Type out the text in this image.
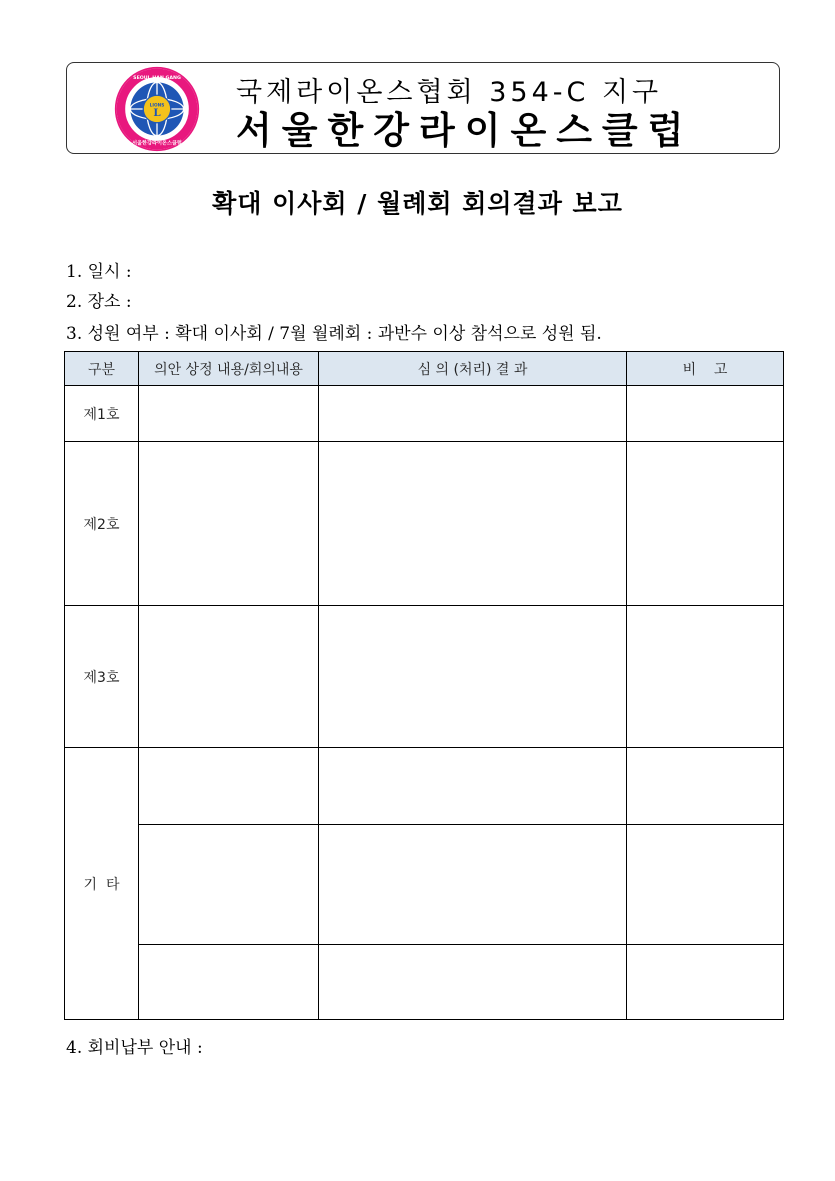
LIONS
L
SEOUL HAN GANG
서울한강라이온스클럽
국제라이온스협회 354-C 지구
서울한강라이온스클럽
확대 이사회 / 월례회 회의결과 보고
1. 일시 :
2. 장소 :
3. 성원 여부 : 확대 이사회 / 7월 월례회 : 과반수 이상 참석으로 성원 됨.
구분	의안 상정 내용/회의내용	심 의 (처리) 결 과	비    고
제1호			
제2호			
제3호			
기  타			

4. 회비납부 안내 :
